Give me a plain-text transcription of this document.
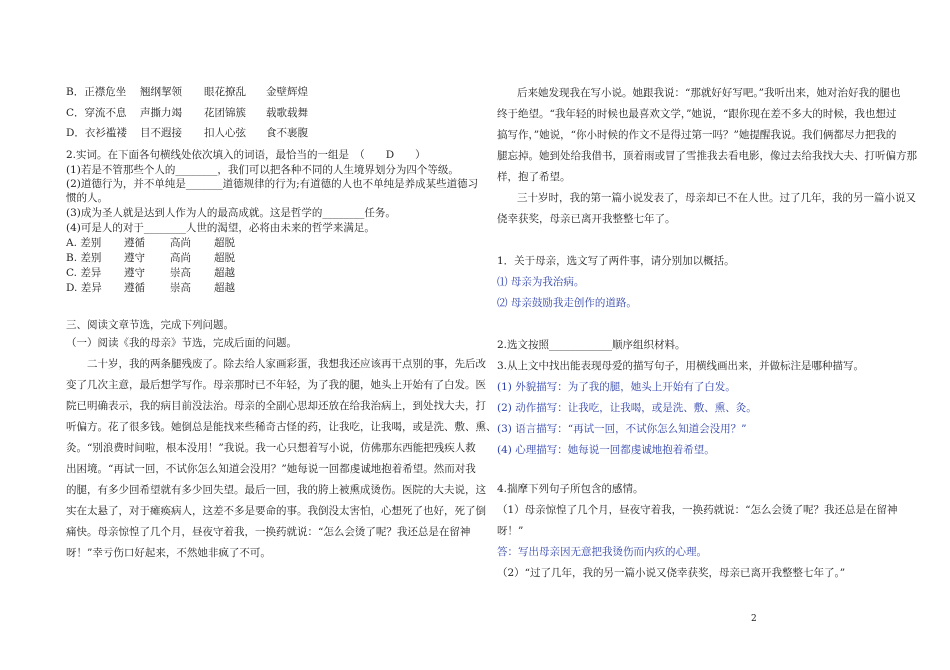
B．正襟危坐 翘纲挈领 眼花撩乱 金壁辉煌
C．穿流不息 声撕力竭 花团锦簇 载歌载舞
D．衣衫褴褛 目不遐接 扣人心弦 食不裹腹
2.实词。在下面各句横线处依次填入的词语，最恰当的一组是　（　　D　　）
(1)若是不管那些个人的________，我们可以把各种不同的人生境界划分为四个等级。
(2)道德行为，并不单纯是_______道德规律的行为;有道德的人也不单纯是养成某些道德习
惯的人。
(3)成为圣人就是达到人作为人的最高成就。这是哲学的________任务。
(4)可是人的对于________人世的渴望，必将由未来的哲学来满足。
A. 差别 遵循 高尚 超脱
B. 差别 遵守 高尚 超脱
C. 差异 遵守 崇高 超越
D. 差异 遵循 崇高 超越
三、阅读文章节选，完成下列问题。
（一）阅读《我的母亲》节选，完成后面的问题。
二十岁，我的两条腿残废了。除去给人家画彩蛋，我想我还应该再干点别的事，先后改
变了几次主意，最后想学写作。母亲那时已不年轻，为了我的腿，她头上开始有了白发。医
院已明确表示，我的病目前没法治。母亲的全副心思却还放在给我治病上，到处找大夫，打
听偏方。花了很多钱。她倒总是能找来些稀奇古怪的药，让我吃，让我喝，或是洗、敷、熏、
灸。“别浪费时间啦，根本没用！”我说。我一心只想着写小说，仿佛那东西能把残疾人救
出困境。“再试一回，不试你怎么知道会没用？”她每说一回都虔诚地抱着希望。然而对我
的腿，有多少回希望就有多少回失望。最后一回，我的胯上被熏成烫伤。医院的大夫说，这
实在太悬了，对于瘫痪病人，这差不多是要命的事。我倒没太害怕，心想死了也好，死了倒
痛快。母亲惊惶了几个月，昼夜守着我，一换药就说：“怎么会烫了呢？我还总是在留神
呀！”幸亏伤口好起来，不然她非疯了不可。
后来她发现我在写小说。她跟我说：“那就好好写吧。”我听出来，她对治好我的腿也
终于绝望。“我年轻的时候也最喜欢文学，”她说，“跟你现在差不多大的时候，我也想过
搞写作，”她说，“你小时候的作文不是得过第一吗？”她提醒我说。我们俩都尽力把我的
腿忘掉。她到处给我借书，顶着雨或冒了雪推我去看电影，像过去给我找大夫、打听偏方那
样，抱了希望。
三十岁时，我的第一篇小说发表了，母亲却已不在人世。过了几年，我的另一篇小说又
侥幸获奖，母亲已离开我整整七年了。
1．关于母亲，选文写了两件事，请分别加以概括。
⑴ 母亲为我治病。
⑵ 母亲鼓励我走创作的道路。
2.选文按照____________顺序组织材料。
3.从上文中找出能表现母爱的描写句子，用横线画出来，并做标注是哪种描写。
(1) 外貌描写：为了我的腿，她头上开始有了白发。
(2) 动作描写：让我吃，让我喝，或是洗、敷、熏、灸。
(3) 语言描写：“再试一回，不试你怎么知道会没用？”
(4) 心理描写：她每说一回都虔诚地抱着希望。
4.揣摩下列句子所包含的感情。
（1）母亲惊惶了几个月，昼夜守着我，一换药就说：“怎么会烫了呢？我还总是在留神
呀！”
答：写出母亲因无意把我烫伤而内疚的心理。
（2）“过了几年，我的另一篇小说又侥幸获奖，母亲已离开我整整七年了。”
2
